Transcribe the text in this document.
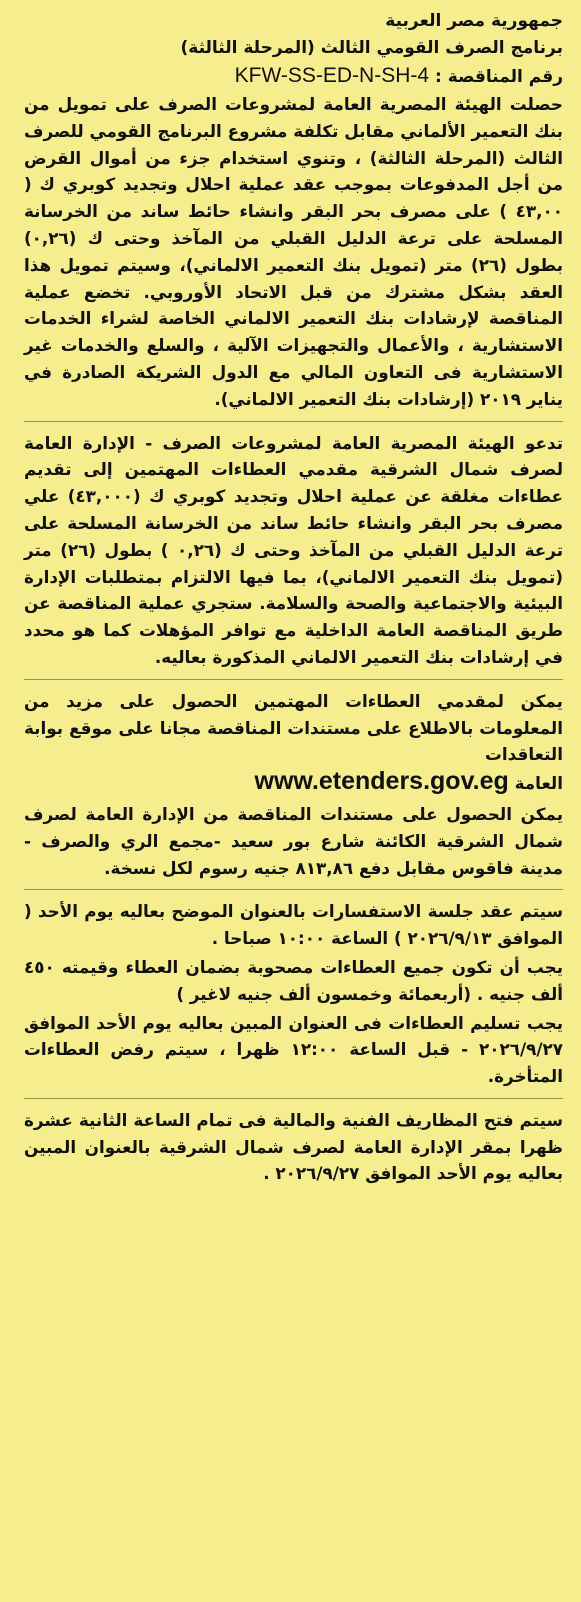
جمهورية مصر العربية

برنامج الصرف القومي الثالث (المرحلة الثالثة)

رقم المناقصة : KFW-SS-ED-N-SH-4

حصلت الهيئة المصرية العامة لمشروعات الصرف على تمويل من بنك التعمير الألماني مقابل تكلفة مشروع البرنامج القومي للصرف الثالث (المرحلة الثالثة) ، وتنوي استخدام جزء من أموال القرض من أجل المدفوعات بموجب عقد عملية احلال وتجديد كوبري ك ( ٤٣,٠٠ ) على مصرف بحر البقر وانشاء حائط ساند من الخرسانة المسلحة على ترعة الدليل القبلي من المآخذ وحتى ك (٠,٢٦) بطول (٢٦) متر (تمويل بنك التعمير الالماني)، وسيتم تمويل هذا العقد بشكل مشترك من قبل الاتحاد الأوروبي. تخضع عملية المناقصة لإرشادات بنك التعمير الالماني الخاصة لشراء الخدمات الاستشارية ، والأعمال والتجهيزات الآلية ، والسلع والخدمات غير الاستشارية فى التعاون المالي مع الدول الشريكة الصادرة في يناير ٢٠١٩ (إرشادات بنك التعمير الالماني).

تدعو الهيئة المصرية العامة لمشروعات الصرف - الإدارة العامة لصرف شمال الشرقية مقدمي العطاءات المهتمين إلى تقديم عطاءات مغلقة عن عملية احلال وتجديد كوبري ك (٤٣,٠٠٠) علي مصرف بحر البقر وانشاء حائط ساند من الخرسانة المسلحة على ترعة الدليل القبلي من المآخذ وحتى ك (٠,٢٦ ) بطول (٢٦) متر (تمويل بنك التعمير الالماني)، بما فيها الالتزام بمتطلبات الإدارة البيئية والاجتماعية والصحة والسلامة. ستجري عملية المناقصة عن طريق المناقصة العامة الداخلية مع توافر المؤهلات كما هو محدد في إرشادات بنك التعمير الالماني المذكورة بعاليه.

يمكن لمقدمي العطاءات المهتمين الحصول على مزيد من المعلومات بالاطلاع على مستندات المناقصة مجانا على موقع بوابة التعاقدات

العامة www.etenders.gov.eg

يمكن الحصول على مستندات المناقصة من الإدارة العامة لصرف شمال الشرقية الكائنة شارع بور سعيد -مجمع الري والصرف - مدينة فاقوس مقابل دفع ٨١٣,٨٦ جنيه رسوم لكل نسخة.

سيتم عقد جلسة الاستفسارات بالعنوان الموضح بعاليه يوم الأحد ( الموافق ٢٠٢٦/٩/١٣ ) الساعة ١٠:٠٠ صباحا .

يجب أن تكون جميع العطاءات مصحوبة بضمان العطاء وقيمته ٤٥٠ ألف جنيه . (أربعمائة وخمسون ألف جنيه لاغير )

يجب تسليم العطاءات فى العنوان المبين بعاليه يوم الأحد الموافق ٢٠٢٦/٩/٢٧ - قبل الساعة ١٢:٠٠ ظهرا ، سيتم رفض العطاءات المتأخرة.

سيتم فتح المظاريف الفنية والمالية فى تمام الساعة الثانية عشرة ظهرا بمقر الإدارة العامة لصرف شمال الشرقية بالعنوان المبين بعاليه يوم الأحد الموافق ٢٠٢٦/٩/٢٧ .
